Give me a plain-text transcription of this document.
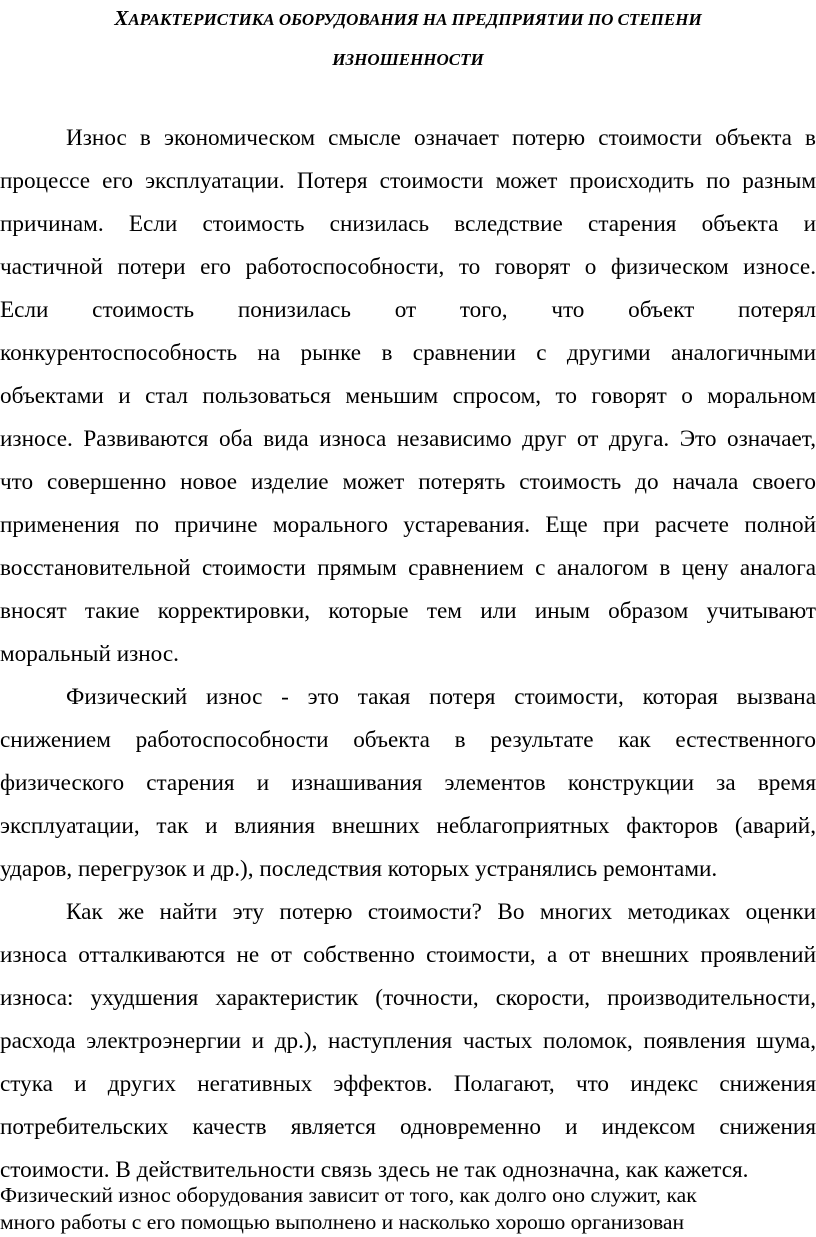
ХАРАКТЕРИСТИКА ОБОРУДОВАНИЯ НА ПРЕДПРИЯТИИ ПО СТЕПЕНИ
ИЗНОШЕННОСТИ
Износ в экономическом смысле означает потерю стоимости объекта в
процессе его эксплуатации. Потеря стоимости может происходить по разным
причинам. Если стоимость снизилась вследствие старения объекта и
частичной потери его работоспособности, то говорят о физическом износе.
Если стоимость понизилась от того, что объект потерял
конкурентоспособность на рынке в сравнении с другими аналогичными
объектами и стал пользоваться меньшим спросом, то говорят о моральном
износе. Развиваются оба вида износа независимо друг от друга. Это означает,
что совершенно новое изделие может потерять стоимость до начала своего
применения по причине морального устаревания. Еще при расчете полной
восстановительной стоимости прямым сравнением с аналогом в цену аналога
вносят такие корректировки, которые тем или иным образом учитывают
моральный износ.
Физический износ - это такая потеря стоимости, которая вызвана
снижением работоспособности объекта в результате как естественного
физического старения и изнашивания элементов конструкции за время
эксплуатации, так и влияния внешних неблагоприятных факторов (аварий,
ударов, перегрузок и др.), последствия которых устранялись ремонтами.
Как же найти эту потерю стоимости? Во многих методиках оценки
износа отталкиваются не от собственно стоимости, а от внешних проявлений
износа: ухудшения характеристик (точности, скорости, производительности,
расхода электроэнергии и др.), наступления частых поломок, появления шума,
стука и других негативных эффектов. Полагают, что индекс снижения
потребительских качеств является одновременно и индексом снижения
стоимости. В действительности связь здесь не так однозначна, как кажется.
Физический износ оборудования зависит от того, как долго оно служит, как
много работы с его помощью выполнено и насколько хорошо организован
